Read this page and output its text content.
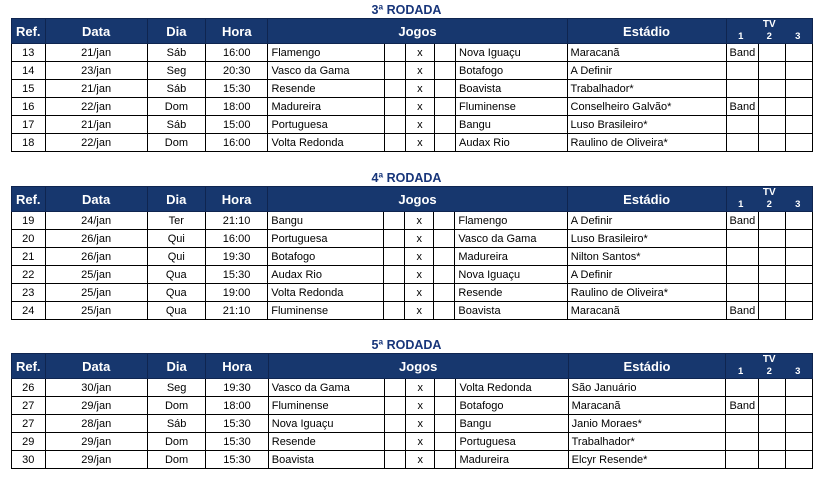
3ª RODADA
Ref.	Data	Dia	Hora	Jogos					Estádio	TV
1 2 3		

13	21/jan	Sáb	16:00	Flamengo		x		Nova Iguaçu	Maracanã	Band		
14	23/jan	Seg	20:30	Vasco da Gama		x		Botafogo	A Definir			
15	21/jan	Sáb	15:30	Resende		x		Boavista	Trabalhador*			
16	22/jan	Dom	18:00	Madureira		x		Fluminense	Conselheiro Galvão*	Band		
17	21/jan	Sáb	15:00	Portuguesa		x		Bangu	Luso Brasileiro*			
18	22/jan	Dom	16:00	Volta Redonda		x		Audax Rio	Raulino de Oliveira*			
4ª RODADA
Ref.	Data	Dia	Hora	Jogos					Estádio	TV
1 2 3		

19	24/jan	Ter	21:10	Bangu		x		Flamengo	A Definir	Band		
20	26/jan	Qui	16:00	Portuguesa		x		Vasco da Gama	Luso Brasileiro*			
21	26/jan	Qui	19:30	Botafogo		x		Madureira	Nilton Santos*			
22	25/jan	Qua	15:30	Audax Rio		x		Nova Iguaçu	A Definir			
23	25/jan	Qua	19:00	Volta Redonda		x		Resende	Raulino de Oliveira*			
24	25/jan	Qua	21:10	Fluminense		x		Boavista	Maracanã	Band		
5ª RODADA
Ref.	Data	Dia	Hora	Jogos					Estádio	TV
1 2 3		

26	30/jan	Seg	19:30	Vasco da Gama		x		Volta Redonda	São Januário			
27	29/jan	Dom	18:00	Fluminense		x		Botafogo	Maracanã	Band		
27	28/jan	Sáb	15:30	Nova Iguaçu		x		Bangu	Janio Moraes*			
29	29/jan	Dom	15:30	Resende		x		Portuguesa	Trabalhador*			
30	29/jan	Dom	15:30	Boavista		x		Madureira	Elcyr Resende*			
